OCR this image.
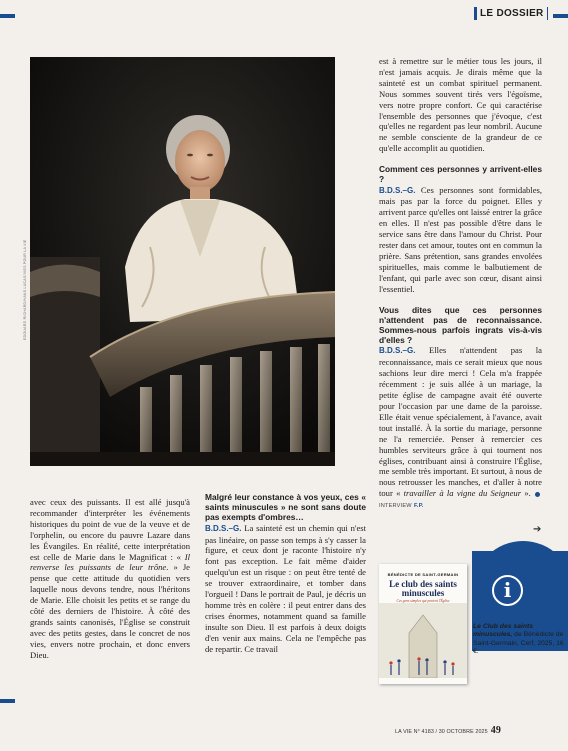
LE DOSSIER
EDOUARD RICHARD/HANS LUCAS/VIES POUR LA VIE

avec ceux des puissants. Il est allé jusqu'à recommander d'interpréter les événements historiques du point de vue de la veuve et de l'orphelin, ou encore du pauvre Lazare dans les Évangiles. En réalité, cette interprétation est celle de Marie dans le Magnificat : « Il renverse les puissants de leur trône. » Je pense que cette attitude du quotidien vers laquelle nous devons tendre, nous l'héritons de Marie. Elle choisit les petits et se range du côté des derniers de l'histoire. À côté des grands saints canonisés, l'Église se construit avec des petits gestes, dans le concret de nos vies, envers notre prochain, et donc envers Dieu.

Malgré leur constance à vos yeux, ces « saints minuscules » ne sont sans doute pas exempts d'ombres…

B.D.S.–G. La sainteté est un chemin qui n'est pas linéaire, on passe son temps à s'y casser la figure, et ceux dont je raconte l'histoire n'y font pas exception. Le fait même d'aider quelqu'un est un risque : on peut être tenté de se trouver extraordinaire, et tomber dans l'orgueil ! Dans le portrait de Paul, je décris un homme très en colère : il peut entrer dans des crises énormes, notamment quand sa famille insulte son Dieu. Il est parfois à deux doigts d'en venir aux mains. Cela ne l'empêche pas de repartir. Ce travail

est à remettre sur le métier tous les jours, il n'est jamais acquis. Je dirais même que la sainteté est un combat spirituel permanent. Nous sommes souvent tirés vers l'égoïsme, vers notre propre confort. Ce qui caractérise l'ensemble des personnes que j'évoque, c'est qu'elles ne regardent pas leur nombril. Aucune ne semble consciente de la grandeur de ce qu'elle accomplit au quotidien.

Comment ces personnes y arrivent-elles ?

B.D.S.–G. Ces personnes sont formidables, mais pas par la force du poignet. Elles y arrivent parce qu'elles ont laissé entrer la grâce en elles. Il n'est pas possible d'être dans le service sans être dans l'amour du Christ. Pour rester dans cet amour, toutes ont en commun la prière. Sans prétention, sans grandes envolées spirituelles, mais comme le balbutiement de l'enfant, qui parle avec son cœur, disant ainsi l'essentiel.

Vous dites que ces personnes n'attendent pas de reconnaissance. Sommes-nous parfois ingrats vis-à-vis d'elles ?

B.D.S.–G. Elles n'attendent pas la reconnaissance, mais ce serait mieux que nous sachions leur dire merci ! Cela m'a frappée récemment : je suis allée à un mariage, la petite église de campagne avait été ouverte pour l'occasion par une dame de la paroisse. Elle était venue spécialement, à l'avance, avait tout installé. À la sortie du mariage, personne ne l'a remerciée. Penser à remercier ces humbles serviteurs grâce à qui tournent nos églises, contribuant ainsi à construire l'Église, me semble très important. Et surtout, à nous de nous retrousser les manches, et d'aller à notre tour « travailler à la vigne du Seigneur ». INTERVIEW F.P.

➔
i
BÉNÉDICTE DE SAINT-GERMAIN
Le club des saints minuscules
Ces gens simples qui portent l'Église
Le Club des saints minuscules, de Bénédicte de Saint-Germain, Cerf, 2025, 16 €.
LA VIE N° 4183 / 30 OCTOBRE 2025 49
